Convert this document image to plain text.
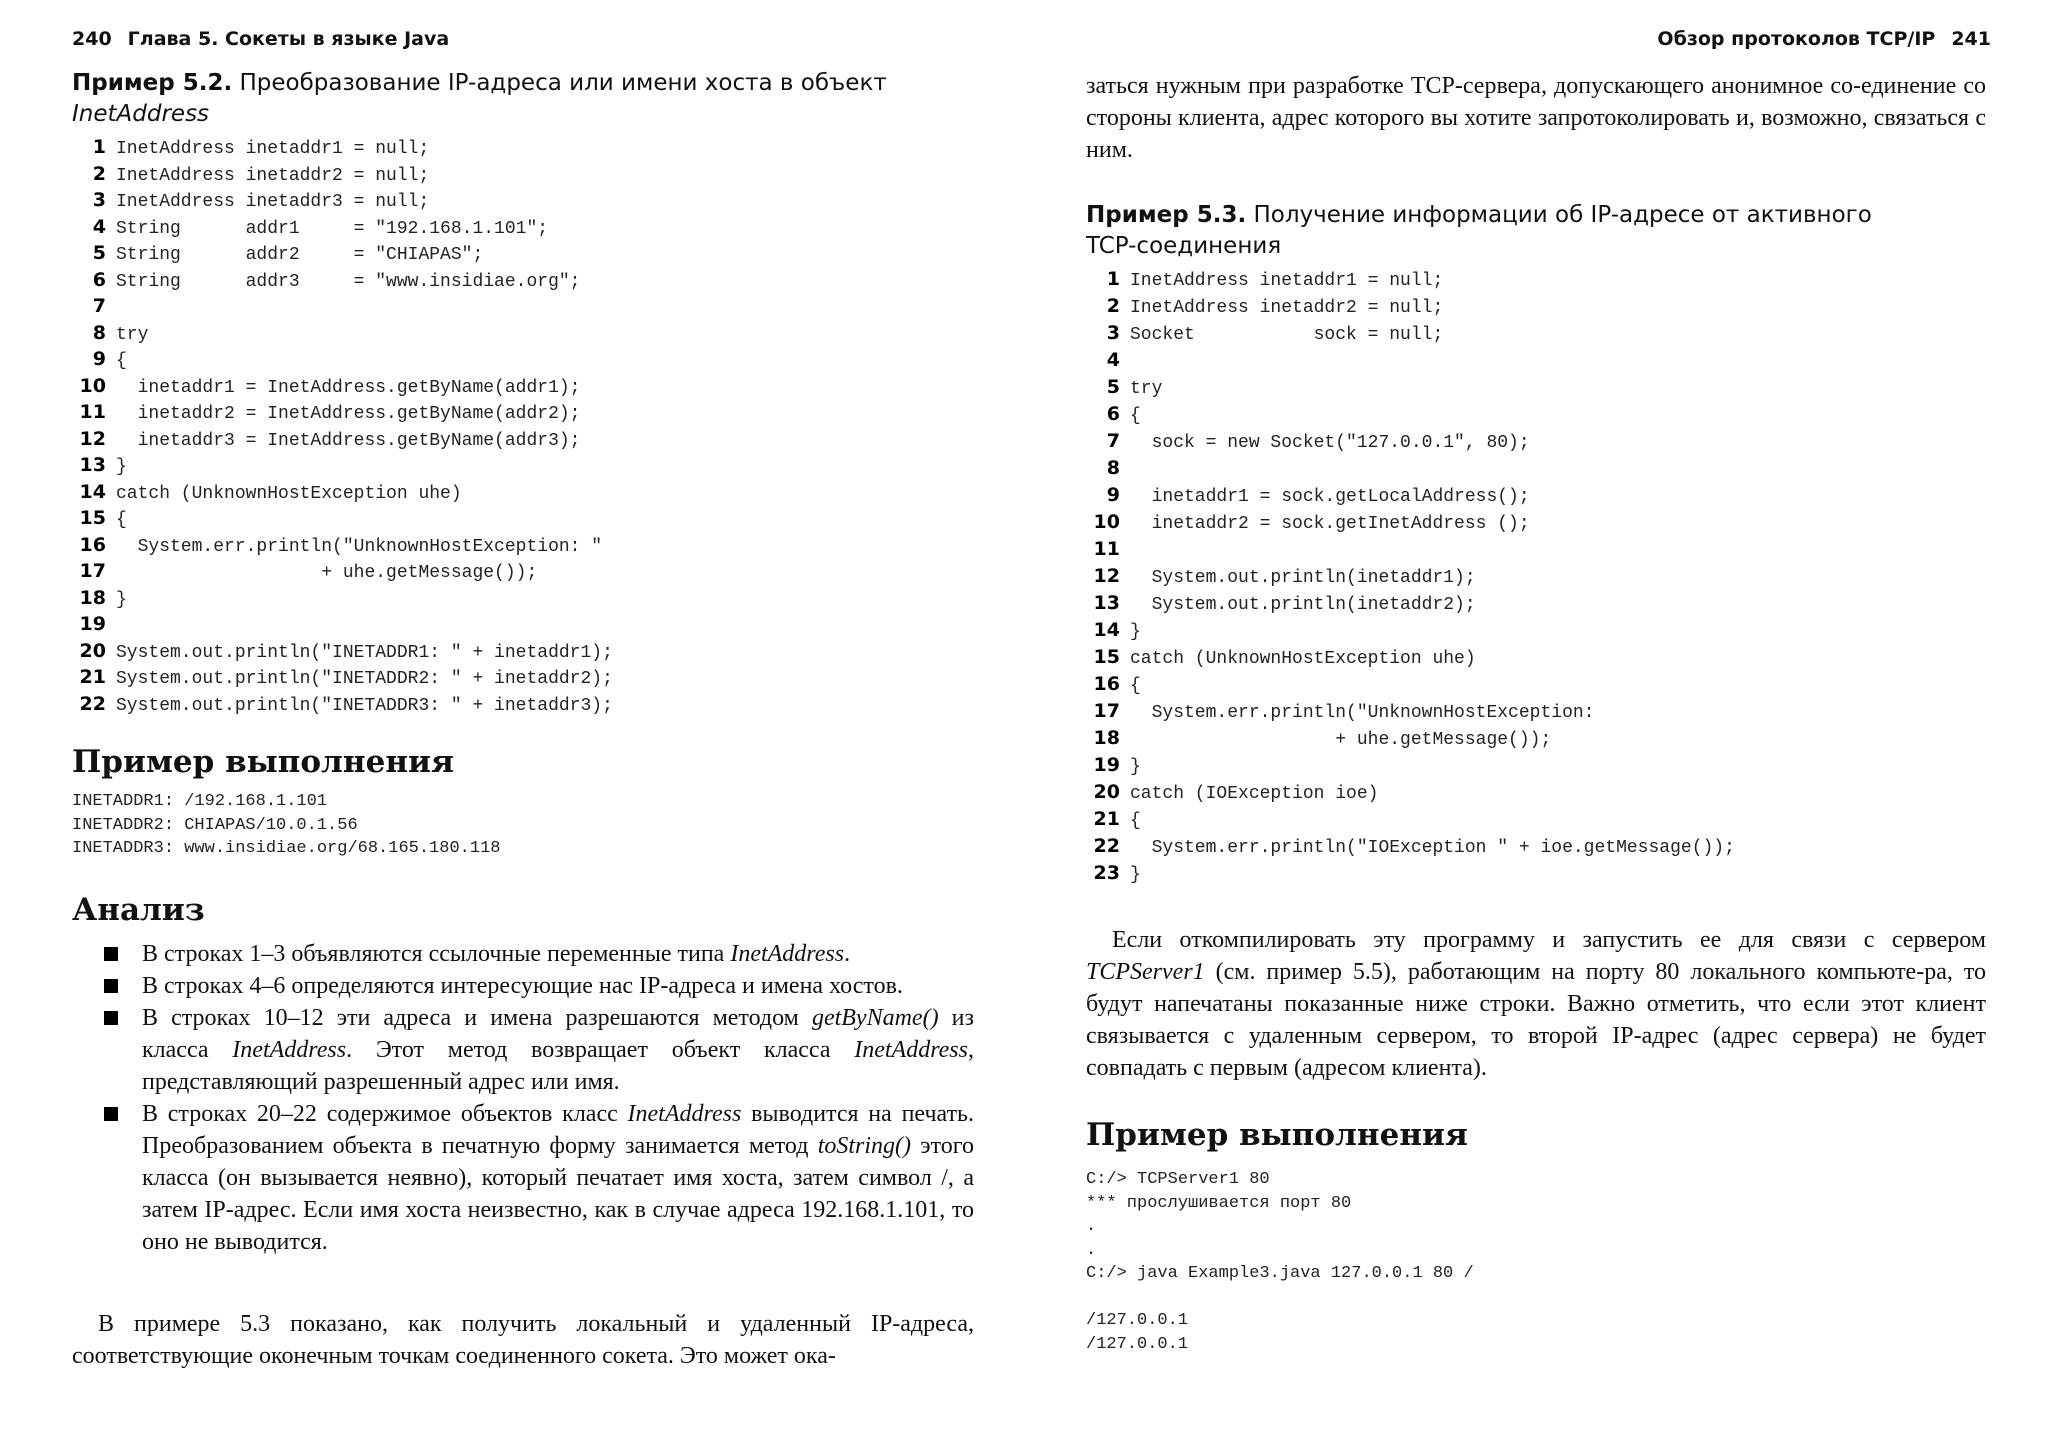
240 Глава 5. Сокеты в языке Java
Пример 5.2. Преобразование IP-адреса или имени хоста в объект
InetAddress
1 InetAddress inetaddr1 = null;
2 InetAddress inetaddr2 = null;
3 InetAddress inetaddr3 = null;
4 String      addr1     = "192.168.1.101";
5 String      addr2     = "CHIAPAS";
6 String      addr3     = "www.insidiae.org";
7
8 try
9 {
10  inetaddr1 = InetAddress.getByName(addr1);
11  inetaddr2 = InetAddress.getByName(addr2);
12  inetaddr3 = InetAddress.getByName(addr3);
13 }
14 catch (UnknownHostException uhe)
15 {
16  System.err.println("UnknownHostException: "
17                   + uhe.getMessage());
18 }
19
20 System.out.println("INETADDR1: " + inetaddr1);
21 System.out.println("INETADDR2: " + inetaddr2);
22 System.out.println("INETADDR3: " + inetaddr3);
Пример выполнения
INETADDR1: /192.168.1.101
INETADDR2: CHIAPAS/10.0.1.56
INETADDR3: www.insidiae.org/68.165.180.118
Анализ
В строках 1–3 объявляются ссылочные переменные типа InetAddress.
В строках 4–6 определяются интересующие нас IP-адреса и имена хостов.
В строках 10–12 эти адреса и имена разрешаются методом getByName() из класса InetAddress. Этот метод возвращает объект класса InetAddress, представляющий разрешенный адрес или имя.
В строках 20–22 содержимое объектов класс InetAddress выводится на печать. Преобразованием объекта в печатную форму занимается метод toString() этого класса (он вызывается неявно), который печатает имя хоста, затем символ /, а затем IP-адрес. Если имя хоста неизвестно, как в случае адреса 192.168.1.101, то оно не выводится.
В примере 5.3 показано, как получить локальный и удаленный IP-адреса, соответствующие оконечным точкам соединенного сокета. Это может ока-
Обзор протоколов TCP/IP 241
заться нужным при разработке TCP-сервера, допускающего анонимное со-единение со стороны клиента, адрес которого вы хотите запротоколировать и, возможно, связаться с ним.
Пример 5.3. Получение информации об IP-адресе от активного
TCP-соединения
1 InetAddress inetaddr1 = null;
2 InetAddress inetaddr2 = null;
3 Socket           sock = null;
4
5 try
6 {
7  sock = new Socket("127.0.0.1", 80);
8
9  inetaddr1 = sock.getLocalAddress();
10  inetaddr2 = sock.getInetAddress ();
11
12  System.out.println(inetaddr1);
13  System.out.println(inetaddr2);
14 }
15 catch (UnknownHostException uhe)
16 {
17  System.err.println("UnknownHostException:
18                   + uhe.getMessage());
19 }
20 catch (IOException ioe)
21 {
22  System.err.println("IOException " + ioe.getMessage());
23 }
Если откомпилировать эту программу и запустить ее для связи с сервером TCPServer1 (см. пример 5.5), работающим на порту 80 локального компьюте-ра, то будут напечатаны показанные ниже строки. Важно отметить, что если этот клиент связывается с удаленным сервером, то второй IP-адрес (адрес сервера) не будет совпадать с первым (адресом клиента).
Пример выполнения
C:/> TCPServer1 80
*** прослушивается порт 80
.
.
C:/> java Example3.java 127.0.0.1 80 /
/127.0.0.1
/127.0.0.1
